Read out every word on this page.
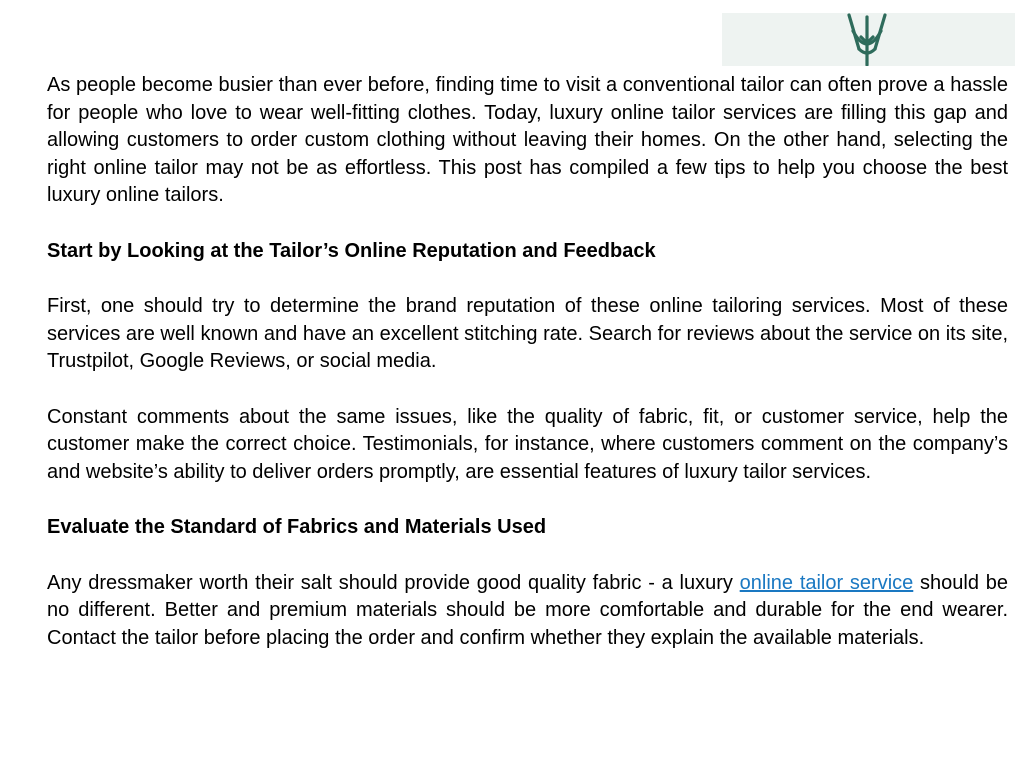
As people become busier than ever before, finding time to visit a conventional tailor can often prove a hassle for people who love to wear well-fitting clothes. Today, luxury online tailor services are filling this gap and allowing customers to order custom clothing without leaving their homes. On the other hand, selecting the right online tailor may not be as effortless. This post has compiled a few tips to help you choose the best luxury online tailors.

Start by Looking at the Tailor’s Online Reputation and Feedback

First, one should try to determine the brand reputation of these online tailoring services. Most of these services are well known and have an excellent stitching rate. Search for reviews about the service on its site, Trustpilot, Google Reviews, or social media.

Constant comments about the same issues, like the quality of fabric, fit, or customer service, help the customer make the correct choice. Testimonials, for instance, where customers comment on the company’s and website’s ability to deliver orders promptly, are essential features of luxury tailor services.

Evaluate the Standard of Fabrics and Materials Used

Any dressmaker worth their salt should provide good quality fabric - a luxury online tailor service should be no different. Better and premium materials should be more comfortable and durable for the end wearer. Contact the tailor before placing the order and confirm whether they explain the available materials.
